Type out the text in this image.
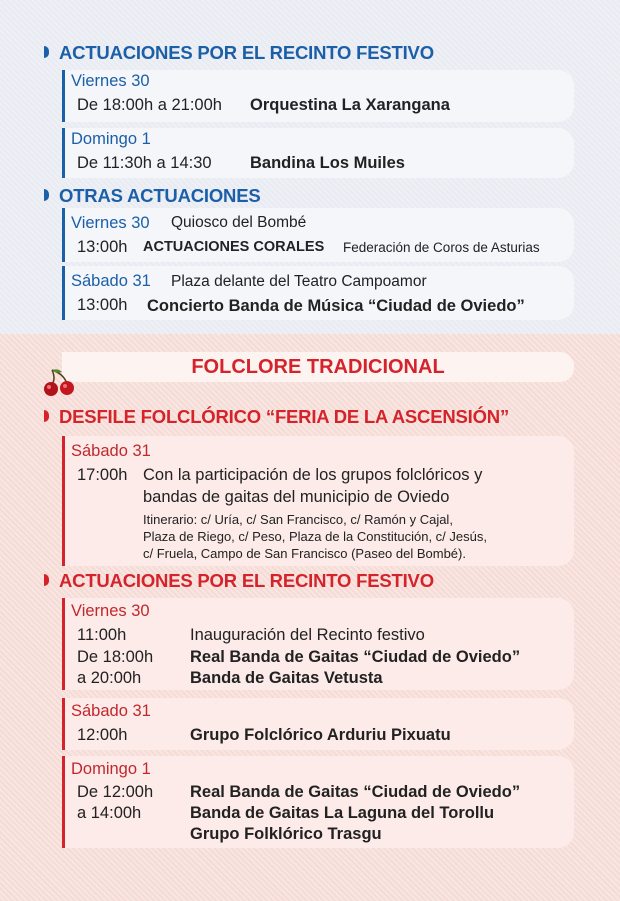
ACTUACIONES POR EL RECINTO FESTIVO
Viernes 30
De 18:00h a 21:00h Orquestina La Xarangana
Domingo 1
De 11:30h a 14:30 Bandina Los Muiles
OTRAS ACTUACIONES
Viernes 30 Quiosco del Bombé
13:00h ACTUACIONES CORALES Federación de Coros de Asturias
Sábado 31 Plaza delante del Teatro Campoamor
13:00h Concierto Banda de Música “Ciudad de Oviedo”
FOLCLORE TRADICIONAL
DESFILE FOLCLÓRICO “FERIA DE LA ASCENSIÓN”
Sábado 31
17:00h Con la participación de los grupos folclóricos y
bandas de gaitas del municipio de Oviedo
Itinerario: c/ Uría, c/ San Francisco, c/ Ramón y Cajal,
Plaza de Riego, c/ Peso, Plaza de la Constitución, c/ Jesús,
c/ Fruela, Campo de San Francisco (Paseo del Bombé).
ACTUACIONES POR EL RECINTO FESTIVO
Viernes 30
11:00h	Inauguración del Recinto festivo
De 18:00h Real Banda de Gaitas “Ciudad de Oviedo”
a 20:00h	Banda de Gaitas Vetusta
Sábado 31
12:00h	Grupo Folclórico Arduriu Pixuatu
Domingo 1
De 12:00h Real Banda de Gaitas “Ciudad de Oviedo”
a 14:00h	Banda de Gaitas La Laguna del Torollu
Grupo Folklórico Trasgu
